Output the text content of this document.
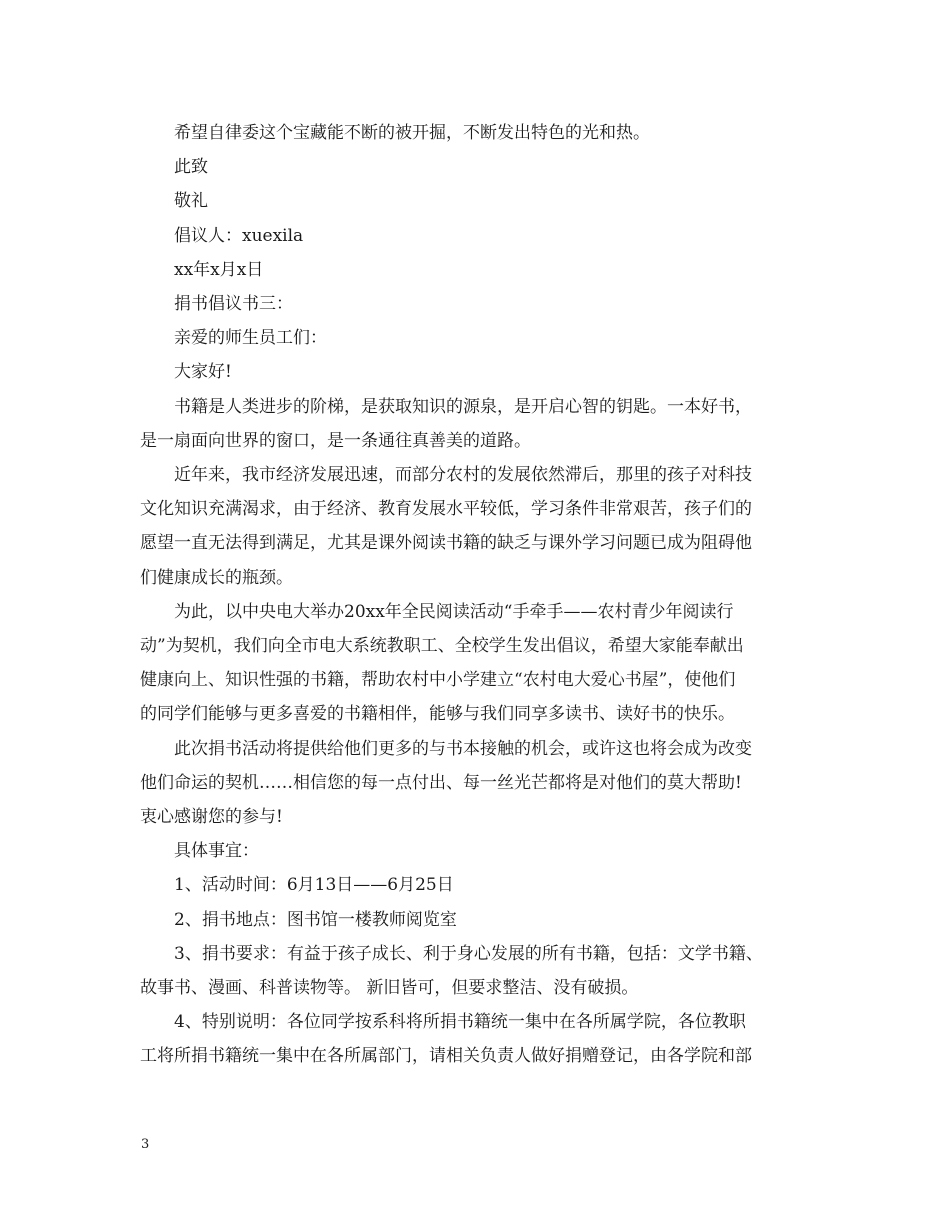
希望自律委这个宝藏能不断的被开掘，不断发出特色的光和热。
此致
敬礼
倡议人：xuexila
xx年x月x日
捐书倡议书三：
亲爱的师生员工们：
大家好!
书籍是人类进步的阶梯，是获取知识的源泉，是开启心智的钥匙。一本好书，
是一扇面向世界的窗口，是一条通往真善美的道路。
近年来，我市经济发展迅速，而部分农村的发展依然滞后，那里的孩子对科技
文化知识充满渴求，由于经济、教育发展水平较低，学习条件非常艰苦，孩子们的
愿望一直无法得到满足，尤其是课外阅读书籍的缺乏与课外学习问题已成为阻碍他
们健康成长的瓶颈。
为此，以中央电大举办20xx年全民阅读活动“手牵手——农村青少年阅读行
动”为契机，我们向全市电大系统教职工、全校学生发出倡议，希望大家能奉献出
健康向上、知识性强的书籍，帮助农村中小学建立“农村电大爱心书屋”，使他们
的同学们能够与更多喜爱的书籍相伴，能够与我们同享多读书、读好书的快乐。
此次捐书活动将提供给他们更多的与书本接触的机会，或许这也将会成为改变
他们命运的契机……相信您的每一点付出、每一丝光芒都将是对他们的莫大帮助!
衷心感谢您的参与!
具体事宜：
1、活动时间：6月13日——6月25日
2、捐书地点：图书馆一楼教师阅览室
3、捐书要求：有益于孩子成长、利于身心发展的所有书籍，包括：文学书籍、
故事书、漫画、科普读物等。 新旧皆可，但要求整洁、没有破损。
4、特别说明：各位同学按系科将所捐书籍统一集中在各所属学院，各位教职
工将所捐书籍统一集中在各所属部门，请相关负责人做好捐赠登记，由各学院和部
3
